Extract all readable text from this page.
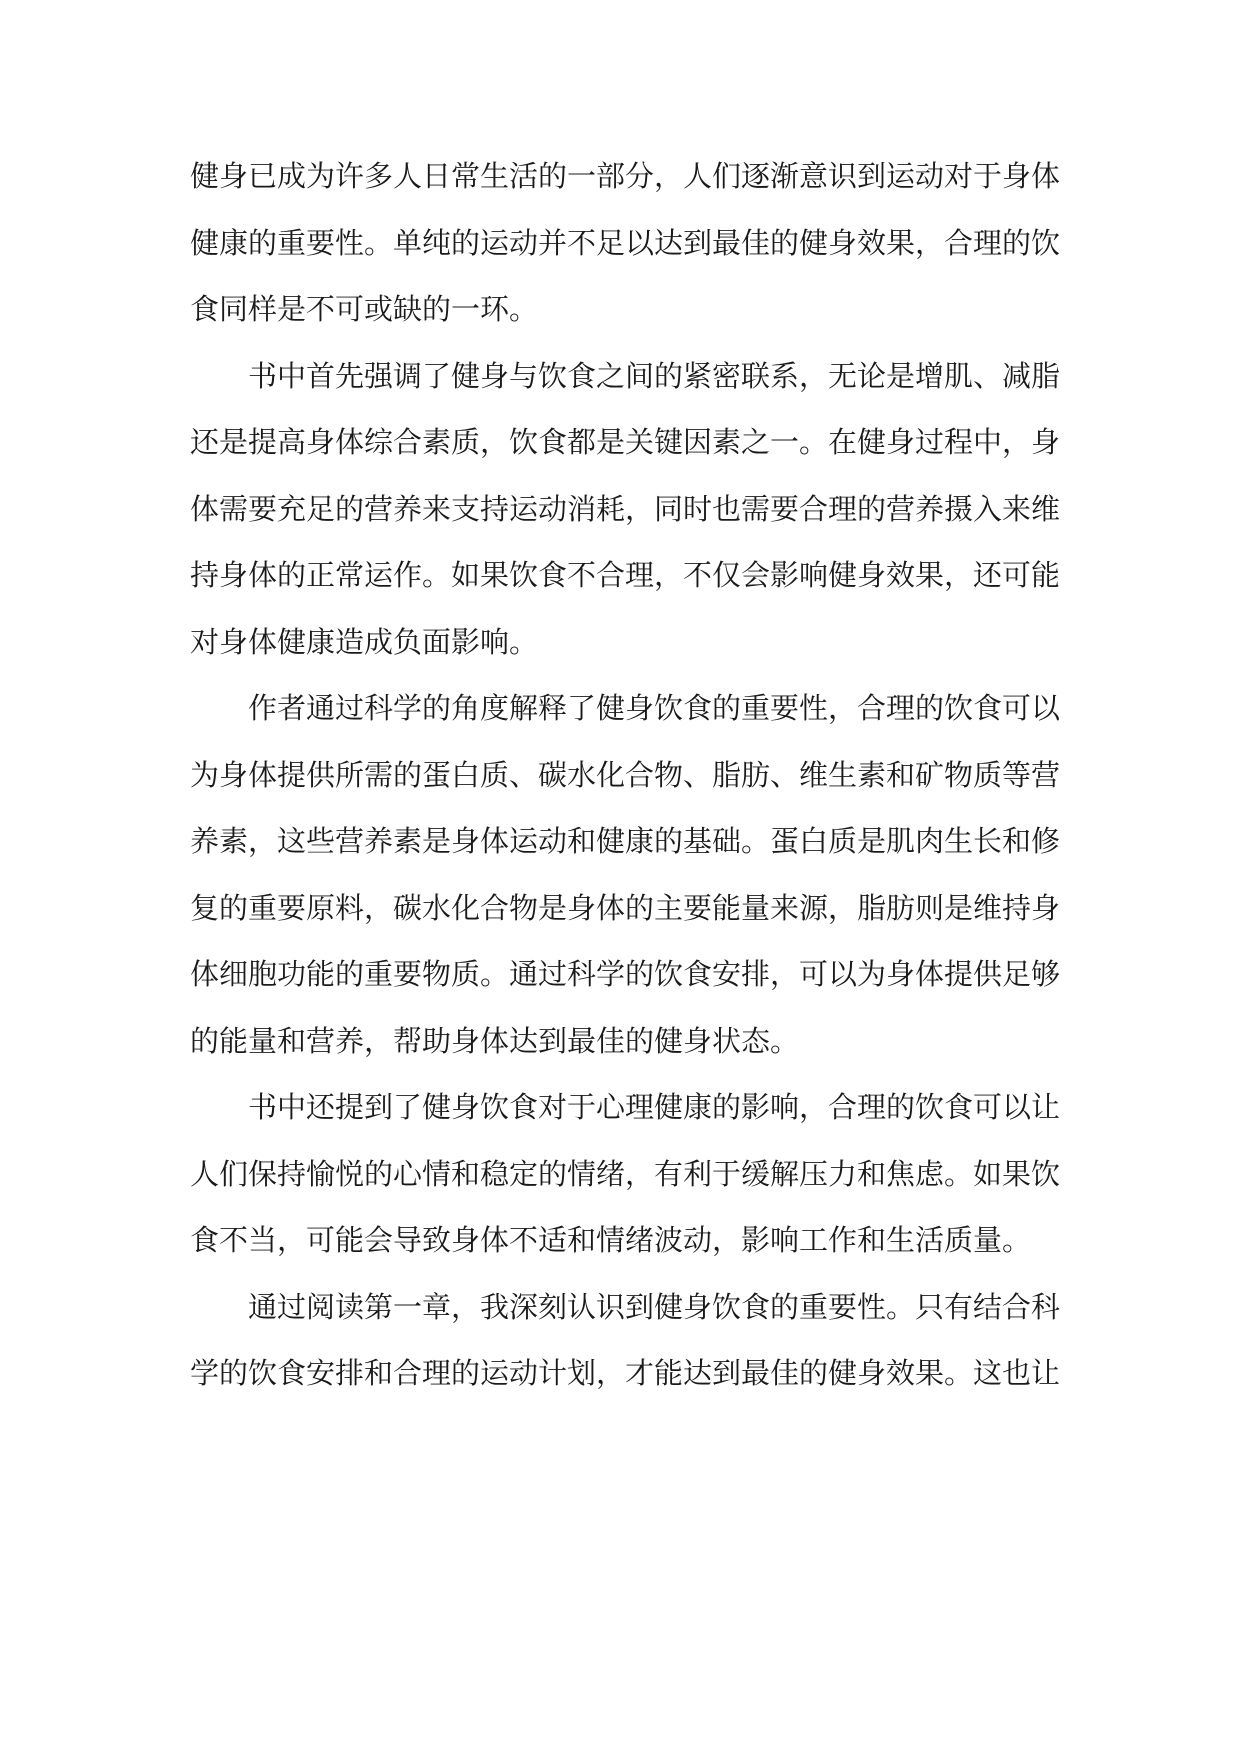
健身已成为许多人日常生活的一部分，人们逐渐意识到运动对于身体
健康的重要性。单纯的运动并不足以达到最佳的健身效果，合理的饮
食同样是不可或缺的一环。

书中首先强调了健身与饮食之间的紧密联系，无论是增肌、减脂
还是提高身体综合素质，饮食都是关键因素之一。在健身过程中，身
体需要充足的营养来支持运动消耗，同时也需要合理的营养摄入来维
持身体的正常运作。如果饮食不合理，不仅会影响健身效果，还可能
对身体健康造成负面影响。

作者通过科学的角度解释了健身饮食的重要性，合理的饮食可以
为身体提供所需的蛋白质、碳水化合物、脂肪、维生素和矿物质等营
养素，这些营养素是身体运动和健康的基础。蛋白质是肌肉生长和修
复的重要原料，碳水化合物是身体的主要能量来源，脂肪则是维持身
体细胞功能的重要物质。通过科学的饮食安排，可以为身体提供足够
的能量和营养，帮助身体达到最佳的健身状态。

书中还提到了健身饮食对于心理健康的影响，合理的饮食可以让
人们保持愉悦的心情和稳定的情绪，有利于缓解压力和焦虑。如果饮
食不当，可能会导致身体不适和情绪波动，影响工作和生活质量。

通过阅读第一章，我深刻认识到健身饮食的重要性。只有结合科
学的饮食安排和合理的运动计划，才能达到最佳的健身效果。这也让
